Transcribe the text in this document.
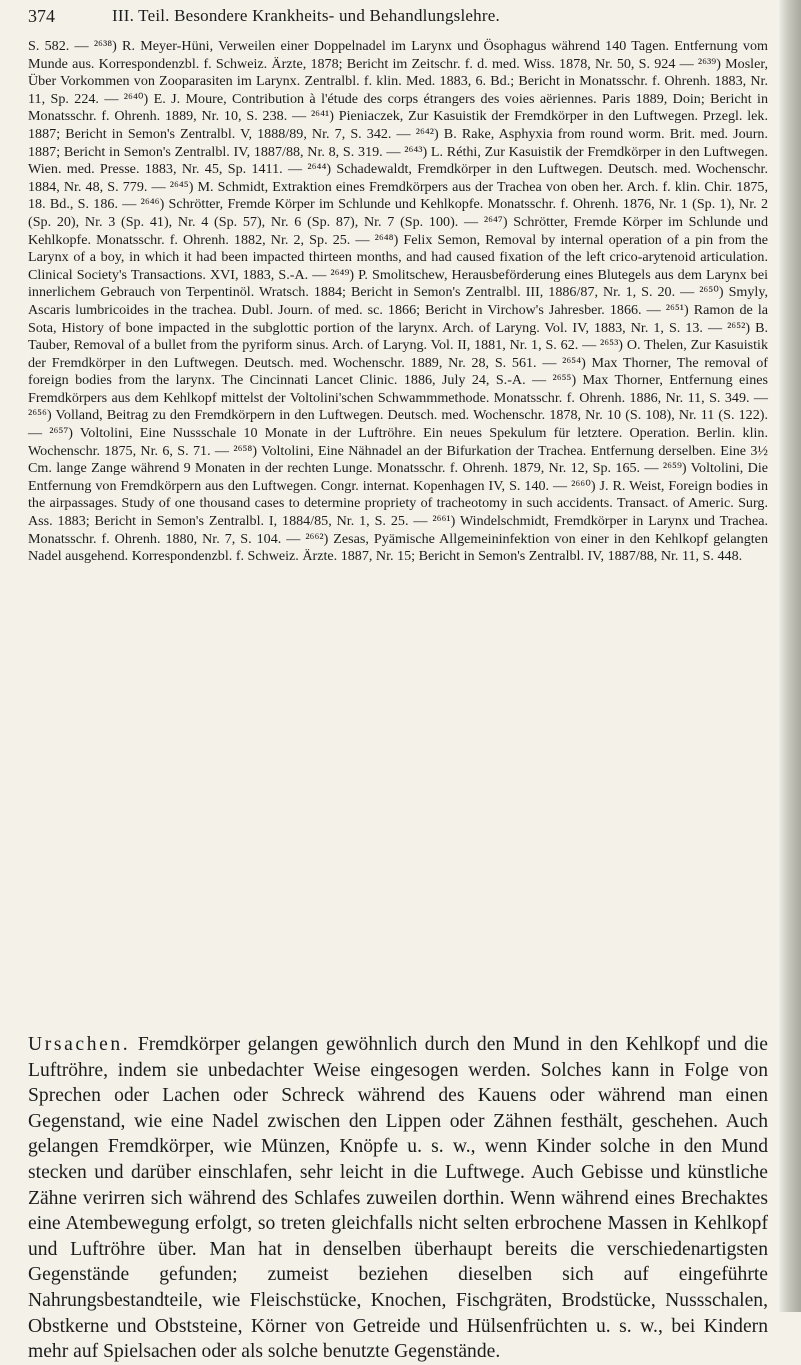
374	III. Teil. Besondere Krankheits- und Behandlungslehre.
S. 582. — ²⁶³⁸) R. Meyer-Hüni, Verweilen einer Doppelnadel im Larynx und Ösophagus während 140 Tagen. Entfernung vom Munde aus. Korrespondenzbl. f. Schweiz. Ärzte, 1878; Bericht im Zeitschr. f. d. med. Wiss. 1878, Nr. 50, S. 924 — ²⁶³⁹) Mosler, Über Vorkommen von Zooparasiten im Larynx. Zentralbl. f. klin. Med. 1883, 6. Bd.; Bericht in Monatsschr. f. Ohrenh. 1883, Nr. 11, Sp. 224. — ²⁶⁴⁰) E. J. Moure, Contribution à l'étude des corps étrangers des voies aëriennes. Paris 1889, Doin; Bericht in Monatsschr. f. Ohrenh. 1889, Nr. 10, S. 238. — ²⁶⁴¹) Pieniaczek, Zur Kasuistik der Fremdkörper in den Luftwegen. Przegl. lek. 1887; Bericht in Semon's Zentralbl. V, 1888/89, Nr. 7, S. 342. — ²⁶⁴²) B. Rake, Asphyxia from round worm. Brit. med. Journ. 1887; Bericht in Semon's Zentralbl. IV, 1887/88, Nr. 8, S. 319. — ²⁶⁴³) L. Réthi, Zur Kasuistik der Fremdkörper in den Luftwegen. Wien. med. Presse. 1883, Nr. 45, Sp. 1411. — ²⁶⁴⁴) Schadewaldt, Fremdkörper in den Luftwegen. Deutsch. med. Wochenschr. 1884, Nr. 48, S. 779. — ²⁶⁴⁵) M. Schmidt, Extraktion eines Fremdkörpers aus der Trachea von oben her. Arch. f. klin. Chir. 1875, 18. Bd., S. 186. — ²⁶⁴⁶) Schrötter, Fremde Körper im Schlunde und Kehlkopfe. Monatsschr. f. Ohrenh. 1876, Nr. 1 (Sp. 1), Nr. 2 (Sp. 20), Nr. 3 (Sp. 41), Nr. 4 (Sp. 57), Nr. 6 (Sp. 87), Nr. 7 (Sp. 100). — ²⁶⁴⁷) Schrötter, Fremde Körper im Schlunde und Kehlkopfe. Monatsschr. f. Ohrenh. 1882, Nr. 2, Sp. 25. — ²⁶⁴⁸) Felix Semon, Removal by internal operation of a pin from the Larynx of a boy, in which it had been impacted thirteen months, and had caused fixation of the left crico-arytenoid articulation. Clinical Society's Transactions. XVI, 1883, S.-A. — ²⁶⁴⁹) P. Smolitschew, Herausbeförderung eines Blutegels aus dem Larynx bei innerlichem Gebrauch von Terpentinöl. Wratsch. 1884; Bericht in Semon's Zentralbl. III, 1886/87, Nr. 1, S. 20. — ²⁶⁵⁰) Smyly, Ascaris lumbricoides in the trachea. Dubl. Journ. of med. sc. 1866; Bericht in Virchow's Jahresber. 1866. — ²⁶⁵¹) Ramon de la Sota, History of bone impacted in the subglottic portion of the larynx. Arch. of Laryng. Vol. IV, 1883, Nr. 1, S. 13. — ²⁶⁵²) B. Tauber, Removal of a bullet from the pyriform sinus. Arch. of Laryng. Vol. II, 1881, Nr. 1, S. 62. — ²⁶⁵³) O. Thelen, Zur Kasuistik der Fremdkörper in den Luftwegen. Deutsch. med. Wochenschr. 1889, Nr. 28, S. 561. — ²⁶⁵⁴) Max Thorner, The removal of foreign bodies from the larynx. The Cincinnati Lancet Clinic. 1886, July 24, S.-A. — ²⁶⁵⁵) Max Thorner, Entfernung eines Fremdkörpers aus dem Kehlkopf mittelst der Voltolini'schen Schwammmethode. Monatsschr. f. Ohrenh. 1886, Nr. 11, S. 349. — ²⁶⁵⁶) Volland, Beitrag zu den Fremdkörpern in den Luftwegen. Deutsch. med. Wochenschr. 1878, Nr. 10 (S. 108), Nr. 11 (S. 122). — ²⁶⁵⁷) Voltolini, Eine Nussschale 10 Monate in der Luftröhre. Ein neues Spekulum für letztere. Operation. Berlin. klin. Wochenschr. 1875, Nr. 6, S. 71. — ²⁶⁵⁸) Voltolini, Eine Nähnadel an der Bifurkation der Trachea. Entfernung derselben. Eine 3½ Cm. lange Zange während 9 Monaten in der rechten Lunge. Monatsschr. f. Ohrenh. 1879, Nr. 12, Sp. 165. — ²⁶⁵⁹) Voltolini, Die Entfernung von Fremdkörpern aus den Luftwegen. Congr. internat. Kopenhagen IV, S. 140. — ²⁶⁶⁰) J. R. Weist, Foreign bodies in the airpassages. Study of one thousand cases to determine propriety of tracheotomy in such accidents. Transact. of Americ. Surg. Ass. 1883; Bericht in Semon's Zentralbl. I, 1884/85, Nr. 1, S. 25. — ²⁶⁶¹) Windelschmidt, Fremdkörper in Larynx und Trachea. Monatsschr. f. Ohrenh. 1880, Nr. 7, S. 104. — ²⁶⁶²) Zesas, Pyämische Allgemeininfektion von einer in den Kehlkopf gelangten Nadel ausgehend. Korrespondenzbl. f. Schweiz. Ärzte. 1887, Nr. 15; Bericht in Semon's Zentralbl. IV, 1887/88, Nr. 11, S. 448.
Ursachen. Fremdkörper gelangen gewöhnlich durch den Mund in den Kehlkopf und die Luftröhre, indem sie unbedachter Weise eingesogen werden. Solches kann in Folge von Sprechen oder Lachen oder Schreck während des Kauens oder während man einen Gegenstand, wie eine Nadel zwischen den Lippen oder Zähnen festhält, geschehen. Auch gelangen Fremdkörper, wie Münzen, Knöpfe u. s. w., wenn Kinder solche in den Mund stecken und darüber einschlafen, sehr leicht in die Luftwege. Auch Gebisse und künstliche Zähne verirren sich während des Schlafes zuweilen dorthin. Wenn während eines Brechaktes eine Atembewegung erfolgt, so treten gleichfalls nicht selten erbrochene Massen in Kehlkopf und Luftröhre über. Man hat in denselben überhaupt bereits die verschiedenartigsten Gegenstände gefunden; zumeist beziehen dieselben sich auf eingeführte Nahrungsbestandteile, wie Fleischstücke, Knochen, Fischgräten, Brodstücke, Nussschalen, Obstkerne und Obststeine, Körner von Getreide und Hülsenfrüchten u. s. w., bei Kindern mehr auf Spielsachen oder als solche benutzte Gegenstände.
